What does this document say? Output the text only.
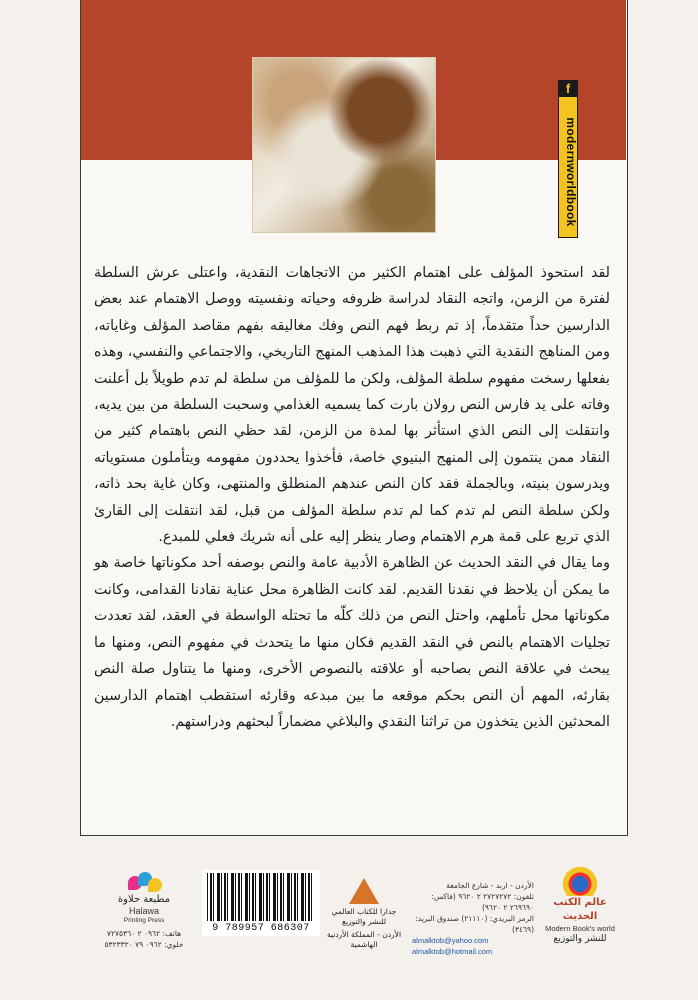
f
modernworldbook

لقد استحوذ المؤلف على اهتمام الكثير من الاتجاهات النقدية، واعتلى عرش السلطة لفترة من الزمن، واتجه النقاد لدراسة ظروفه وحياته ونفسيته ووصل الاهتمام عند بعض الدارسين حداً متقدماً، إذ تم ربط فهم النص وفك مغاليقه بفهم مقاصد المؤلف وغاياته، ومن المناهج النقدية التي ذهبت هذا المذهب المنهج التاريخي، والاجتماعي والنفسي، وهذه بفعلها رسخت مفهوم سلطة المؤلف، ولكن ما للمؤلف من سلطة لم تدم طويلاً بل أعلنت وفاته على يد فارس النص رولان بارت كما يسميه الغذامي وسحبت السلطة من بين يديه، وانتقلت إلى النص الذي استأثر بها لمدة من الزمن، لقد حظي النص باهتمام كثير من النقاد ممن ينتمون إلى المنهج البنيوي خاصة، فأخذوا يحددون مفهومه ويتأملون مستوياته ويدرسون بنيته، وبالجملة فقد كان النص عندهم المنطلق والمنتهى، وكان غاية بحد ذاته، ولكن سلطة النص لم تدم كما لم تدم سلطة المؤلف من قبل، لقد انتقلت إلى القارئ الذي تربع على قمة هرم الاهتمام وصار ينظر إليه على أنه شريك فعلي للمبدع.

وما يقال في النقد الحديث عن الظاهرة الأدبية عامة والنص بوصفه أحد مكوناتها خاصة هو ما يمكن أن يلاحظ في نقدنا القديم. لقد كانت الظاهرة محل عناية نقادنا القدامى، وكانت مكوناتها محل تأملهم، واحتل النص من ذلك كلّه ما تحتله الواسطة في العقد، لقد تعددت تجليات الاهتمام بالنص في النقد القديم فكان منها ما يتحدث في مفهوم النص، ومنها ما يبحث في علاقة النص بصاحبه أو علاقته بالنصوص الأخرى، ومنها ما يتناول صلة النص بقارئه، المهم أن النص بحكم موقعه ما بين مبدعه وقارئه استقطب اهتمام الدارسين المحدثين الذين يتخذون من تراثنا النقدي والبلاغي مضماراً لبحثهم ودراستهم.

مطبعة حلاوة
Halawa
Printing Press
هاتف: ٠٩٦٢ ٢ ٧٢٧٥٣٦٠
خلوي: ٠٩٦٢ ٧٩ ٥٣٢٣٣٢٠
9 789957 686307
جدارا للكتاب العالمي للنشر والتوزيع
الأردن - المملكة الأردنية الهاشمية
الأردن - اربد - شارع الجامعة
تلفون: ٢٧٢٧٢٧٢ ٢ ٩٦٢٠ (فاكس: ٢٦٩٦٩٠ ٢ ٩٦٢٠)
الرمز البريدي: (٢١١١٠) صندوق البريد: (٣٤٦٩)
almalktob@yahoo.com
almalktob@hotmail.com
عالم الكتب الحديث
Modern Book's world
للنشر والتوزيع
